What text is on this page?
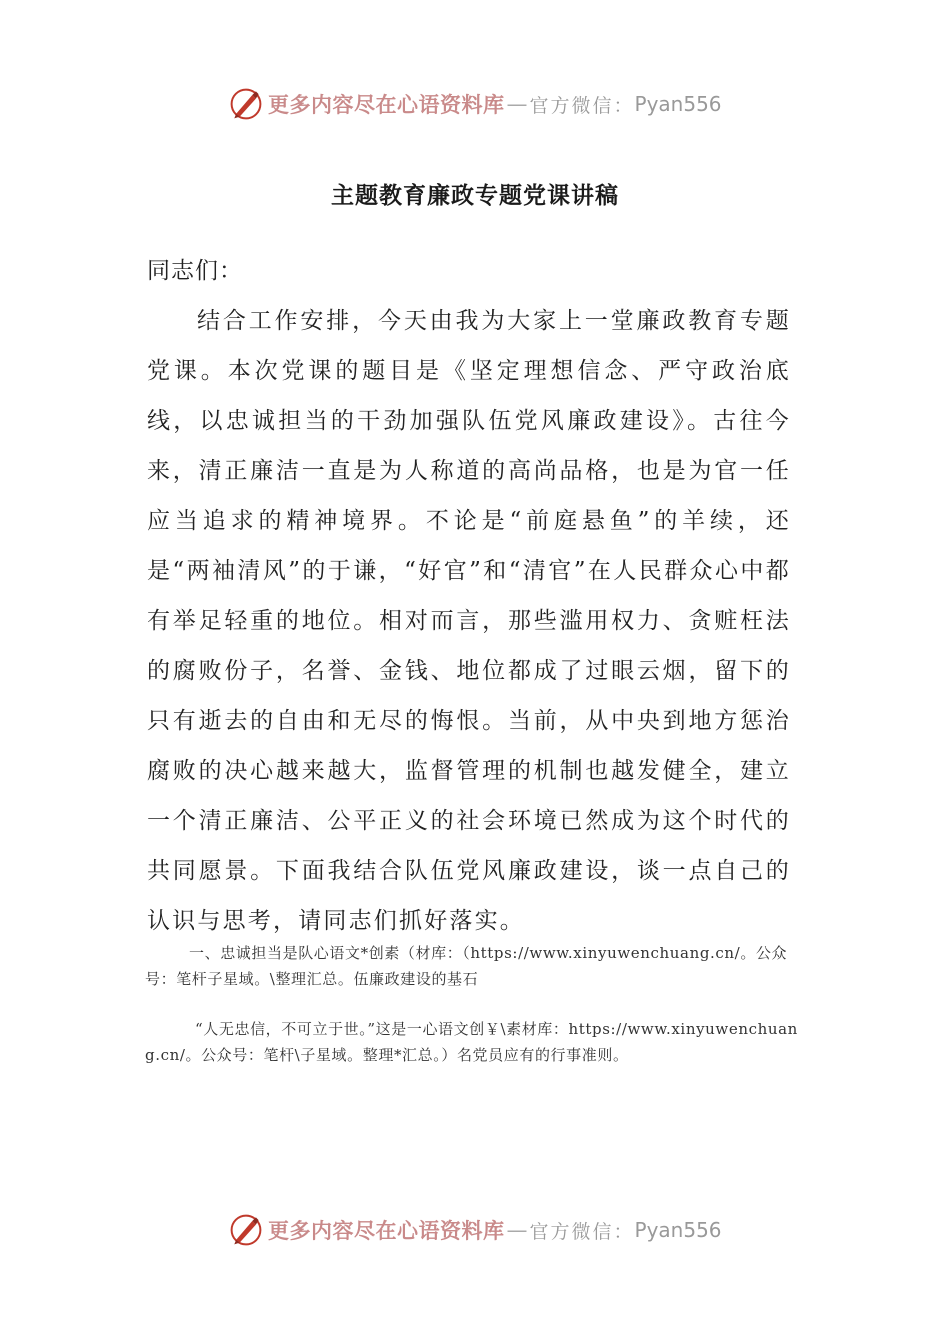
更多内容尽在心语资料库 — 官方微信： Pyan556
主题教育廉政专题党课讲稿

同志们：

结合工作安排，今天由我为大家上一堂廉政教育专题党课。本次党课的题目是《坚定理想信念、严守政治底线，以忠诚担当的干劲加强队伍党风廉政建设》。古往今来，清正廉洁一直是为人称道的高尚品格，也是为官一任应当追求的精神境界。不论是“前庭悬鱼”的羊续，还是“两袖清风”的于谦，“好官”和“清官”在人民群众心中都有举足轻重的地位。相对而言，那些滥用权力、贪赃枉法的腐败份子，名誉、金钱、地位都成了过眼云烟，留下的只有逝去的自由和无尽的悔恨。当前，从中央到地方惩治腐败的决心越来越大，监督管理的机制也越发健全，建立一个清正廉洁、公平正义的社会环境已然成为这个时代的共同愿景。下面我结合队伍党风廉政建设，谈一点自己的认识与思考，请同志们抓好落实。

一、忠诚担当是队心语文*创素（材库：（https://www.xinyuwenchuang.cn/。公众号：笔杆子星域。\整理汇总。伍廉政建设的基石

“人无忠信，不可立于世。”这是一心语文创￥\素材库：https://www.xinyuwenchuang.cn/。公众号：笔杆\子星域。整理*汇总。）名党员应有的行事准则。

更多内容尽在心语资料库 — 官方微信： Pyan556
